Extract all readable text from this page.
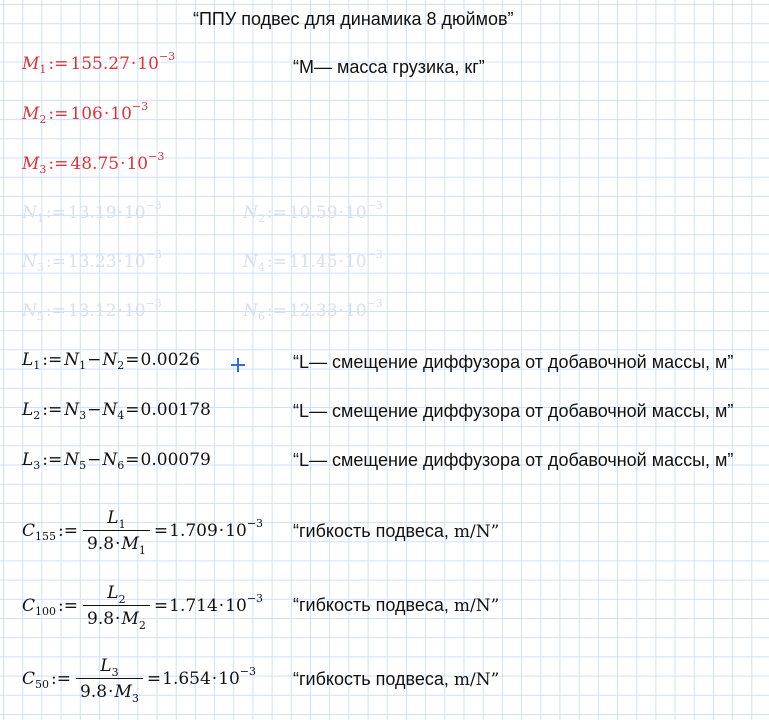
“ППУ подвес для динамика 8 дюймов”
M 1 := 155.27 · 10 −3
“M— масса грузика, кг”
M 2 := 106 · 10 −3
M 3 := 48.75 · 10 −3
N 1 := 13.19 · 10 −3	N 2 := 10.59 · 10 −3
N 3 := 13.23 · 10 −3	N 4 := 11.45 · 10 −3
N 5 := 13.12 · 10 −3	N 6 := 12.33 · 10 −3
L 1 := N 1 − N 2 = 0.0026	“L— смещение диффузора от добавочной массы, м”
L 2 := N 3 − N 4 = 0.00178	“L— смещение диффузора от добавочной массы, м”
L 3 := N 5 − N 6 = 0.00079	“L— смещение диффузора от добавочной массы, м”
C 155 := $\frac{L_1}{9.8\cdot M_1} = 1.709 \cdot 10 -3$ “гибкость подвеса, m/N”
C 100 := $\frac{L_2}{9.8\cdot M_2} = 1.714 \cdot 10 -3$ “гибкость подвеса, m/N”
C 50 := $\frac{L_3}{9.8\cdot M_3} = 1.654 \cdot 10 -3$ “гибкость подвеса, m/N”
